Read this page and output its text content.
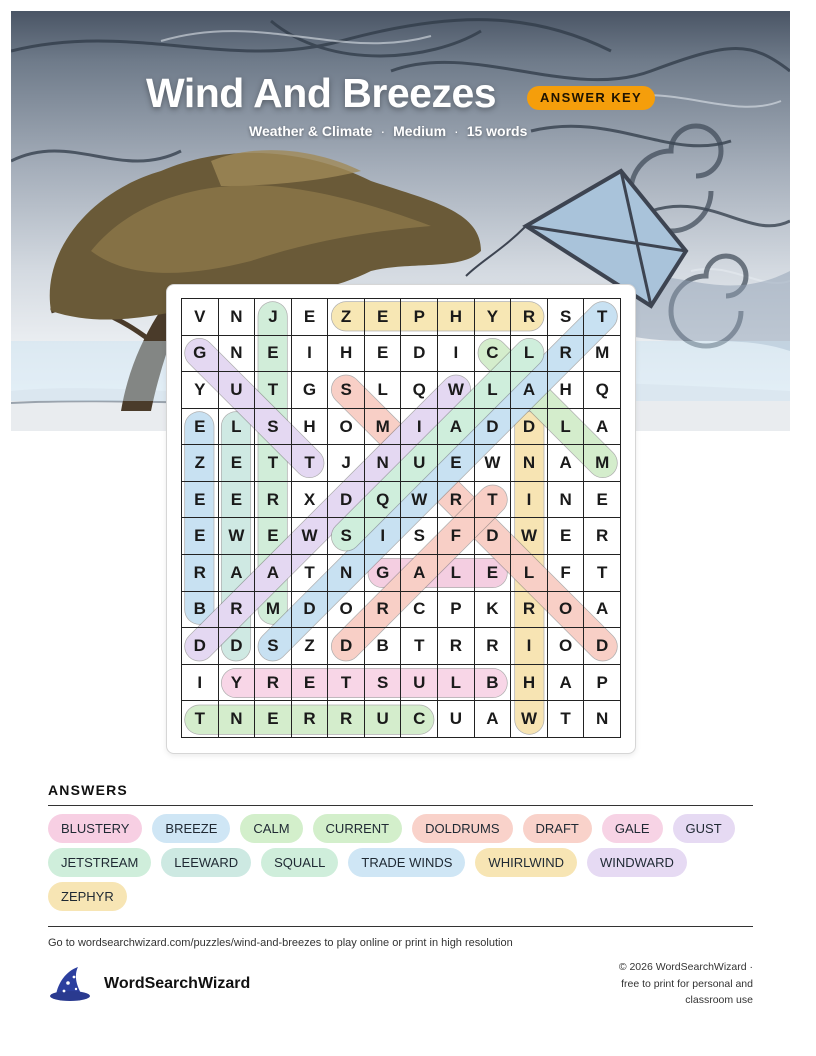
Wind And Breezes	ANSWER KEY
Weather & Climate · Medium · 15 words
V	N	J	E	Z	E	P	H	Y	R	S	T
G	N	E	I	H	E	D	I	C	L	R	M
Y	U	T	G	S	L	Q	W	L	A	H	Q
E	L	S	H	O	M	I	A	D	D	L	A
Z	E	T	T	J	N	U	E	W	N	A	M
E	E	R	X	D	Q	W	R	T	I	N	E
E	W	E	W	S	I	S	F	D	W	E	R
R	A	A	T	N	G	A	L	E	L	F	T
B	R	M	D	O	R	C	P	K	R	O	A
D	D	S	Z	D	B	T	R	R	I	O	D
I	Y	R	E	T	S	U	L	B	H	A	P
T	N	E	R	R	U	C	U	A	W	T	N
ANSWERS
BLUSTERY	BREEZE	CALM	CURRENT	DOLDRUMS	DRAFT	GALE	GUST
JETSTREAM	LEEWARD	SQUALL	TRADE WINDS	WHIRLWIND	WINDWARD
ZEPHYR
Go to wordsearchwizard.com/puzzles/wind-and-breezes to play online or print in high resolution
WordSearchWizard
© 2026 WordSearchWizard ·
free to print for personal and
classroom use
